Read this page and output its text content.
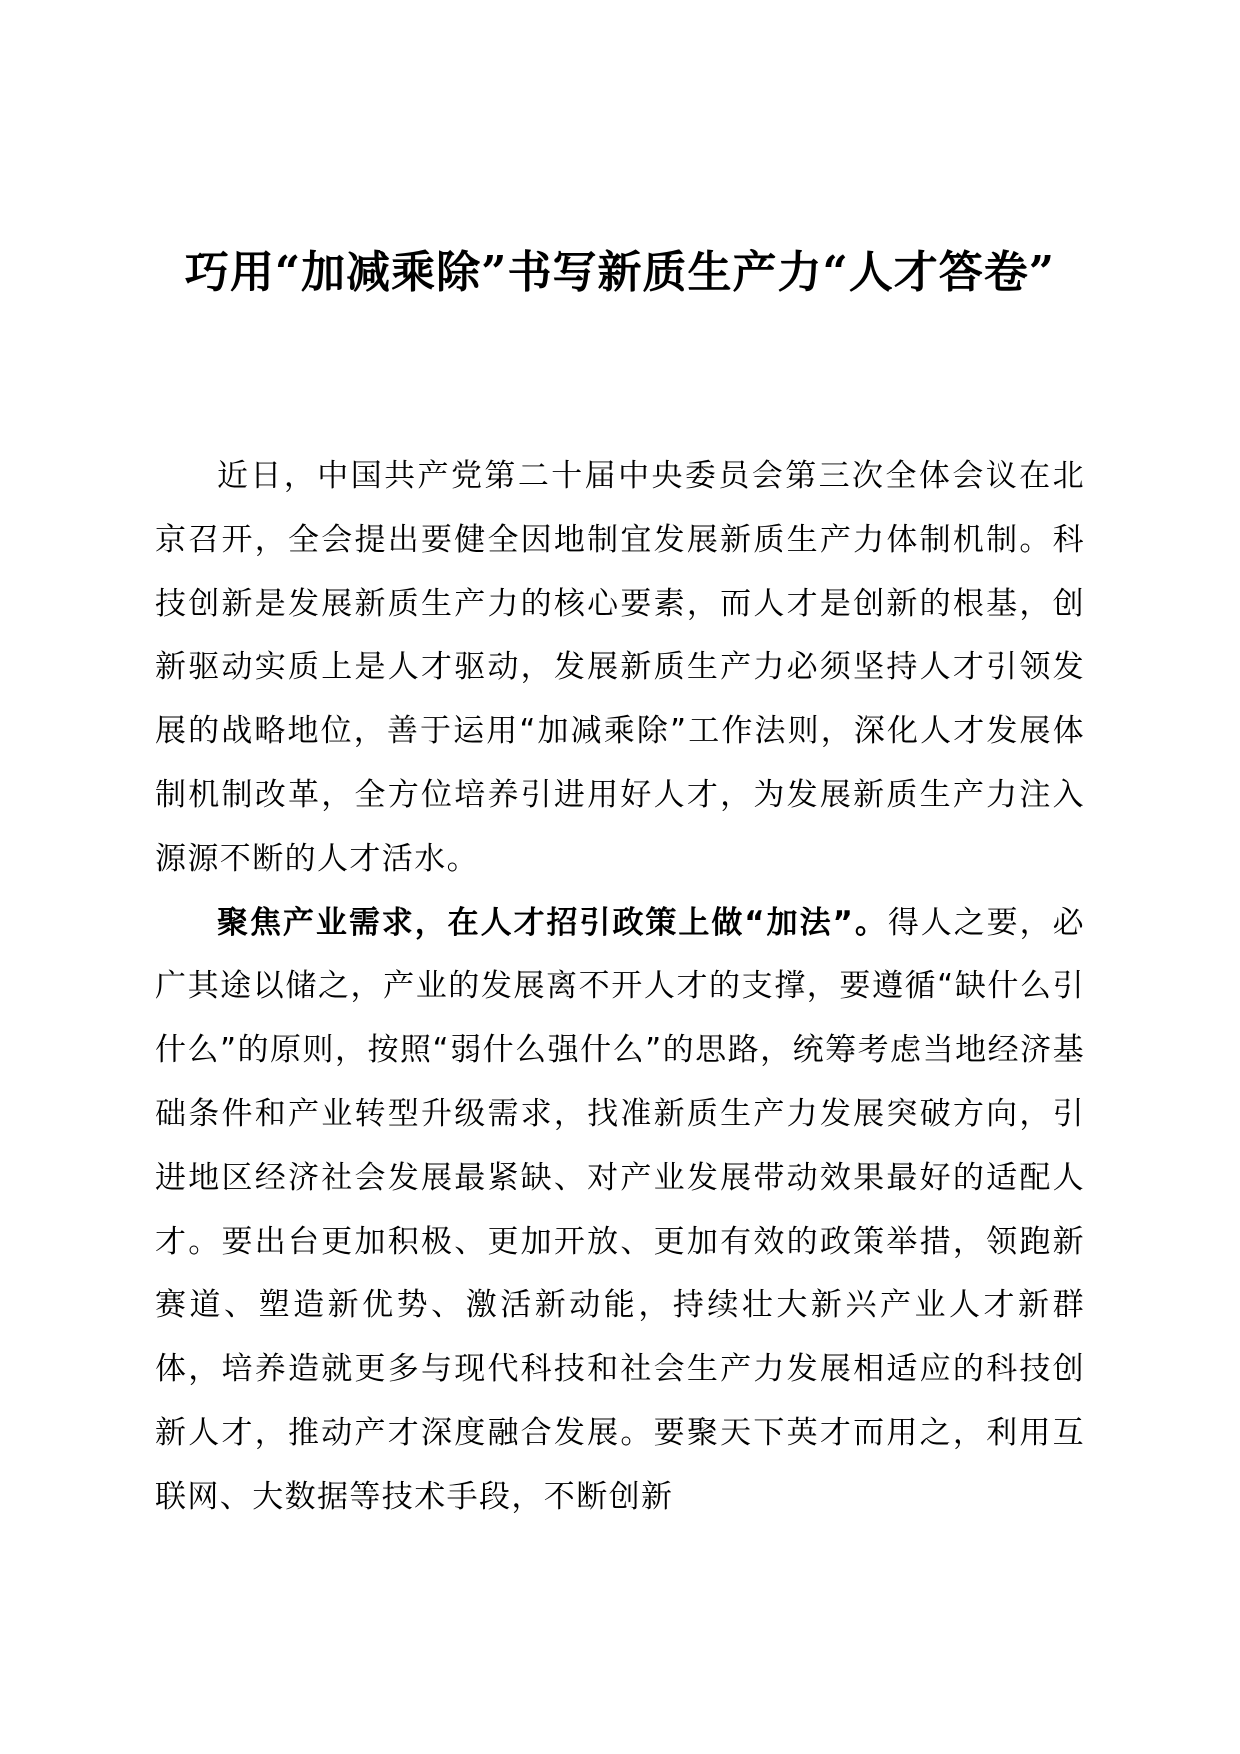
巧用“加减乘除”书写新质生产力“人才答卷”

近日，中国共产党第二十届中央委员会第三次全体会议在北京召开，全会提出要健全因地制宜发展新质生产力体制机制。科技创新是发展新质生产力的核心要素，而人才是创新的根基，创新驱动实质上是人才驱动，发展新质生产力必须坚持人才引领发展的战略地位，善于运用“加减乘除”工作法则，深化人才发展体制机制改革，全方位培养引进用好人才，为发展新质生产力注入源源不断的人才活水。

聚焦产业需求，在人才招引政策上做“加法”。得人之要，必广其途以储之，产业的发展离不开人才的支撑，要遵循“缺什么引什么”的原则，按照“弱什么强什么”的思路，统筹考虑当地经济基础条件和产业转型升级需求，找准新质生产力发展突破方向，引进地区经济社会发展最紧缺、对产业发展带动效果最好的适配人才。要出台更加积极、更加开放、更加有效的政策举措，领跑新赛道、塑造新优势、激活新动能，持续壮大新兴产业人才新群体，培养造就更多与现代科技和社会生产力发展相适应的科技创新人才，推动产才深度融合发展。要聚天下英才而用之，利用互联网、大数据等技术手段，不断创新
